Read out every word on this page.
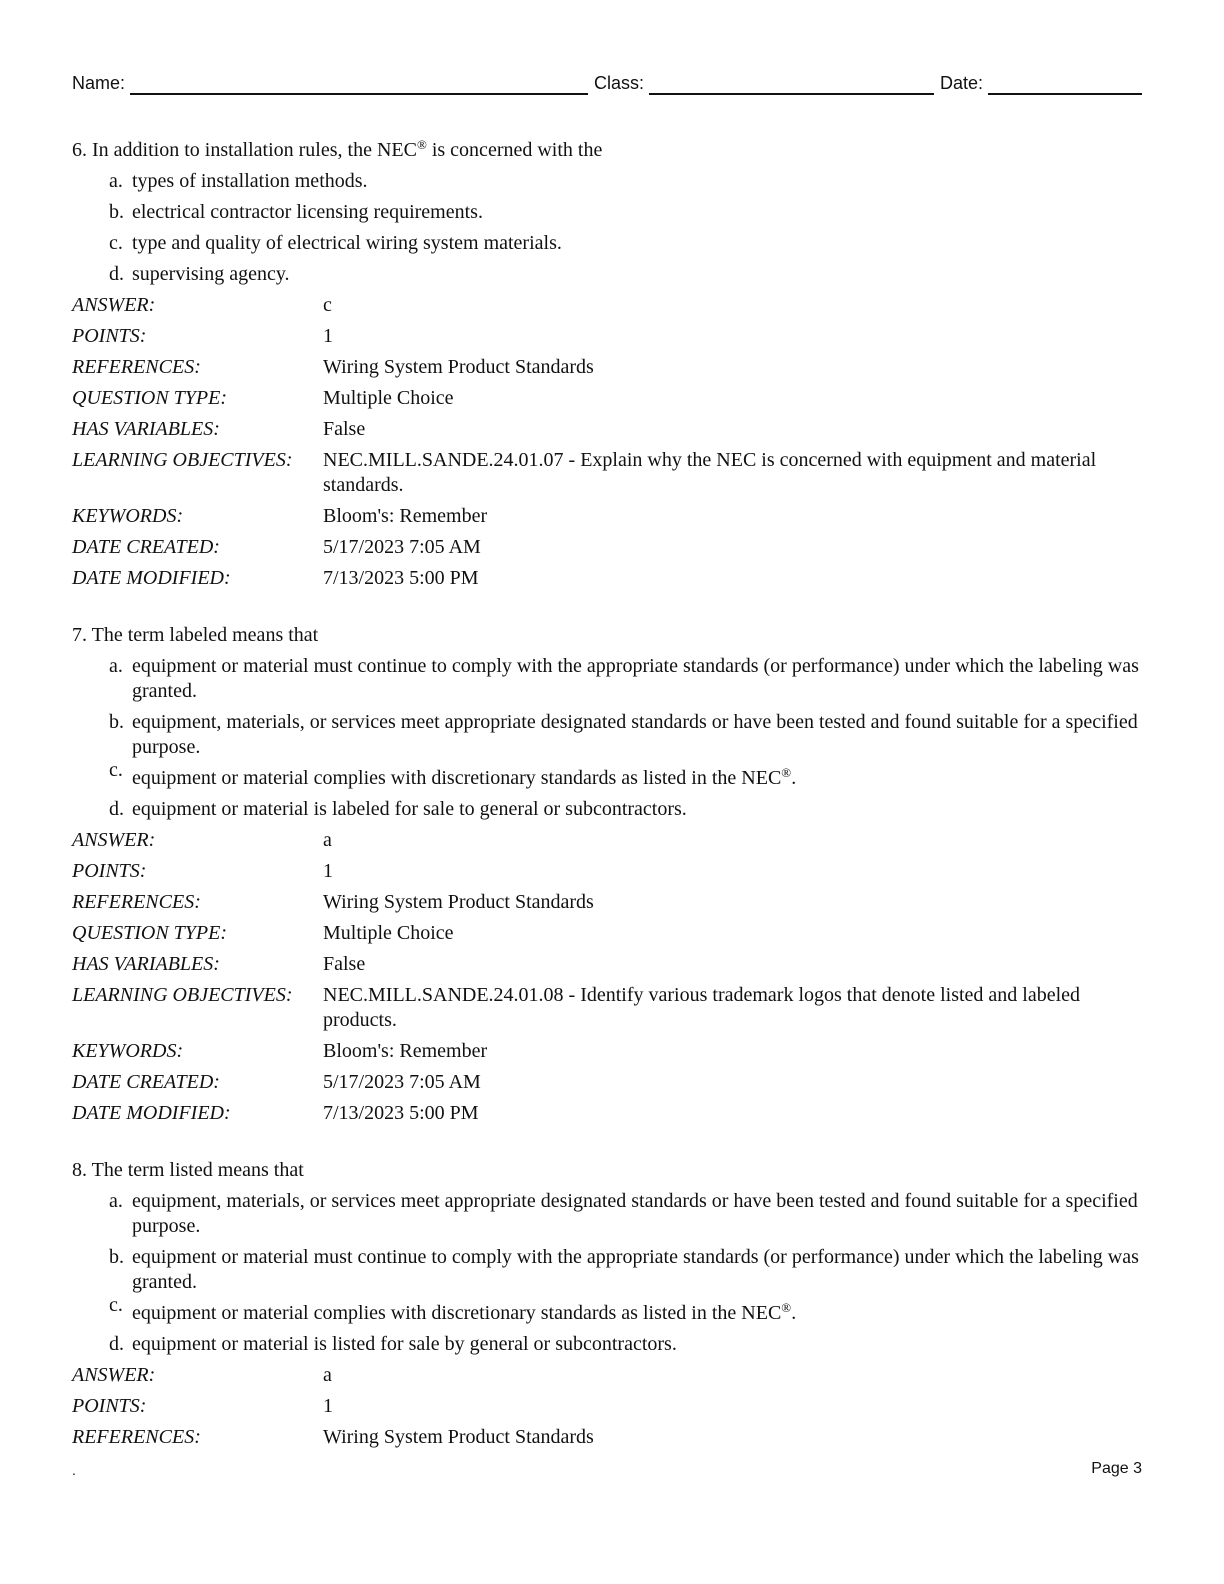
Name:	Class:	Date:

6. In addition to installation rules, the NEC® is concerned with the

a. types of installation methods.
b. electrical contractor licensing requirements.
c. type and quality of electrical wiring system materials.
d. supervising agency.
ANSWER:	c
POINTS:	1
REFERENCES:	Wiring System Product Standards
QUESTION TYPE:	Multiple Choice
HAS VARIABLES:	False
LEARNING OBJECTIVES:	NEC.MILL.SANDE.24.01.07 - Explain why the NEC is concerned with equipment and material standards.
KEYWORDS:	Bloom's: Remember
DATE CREATED:	5/17/2023 7:05 AM
DATE MODIFIED:	7/13/2023 5:00 PM

7. The term labeled means that

a. equipment or material must continue to comply with the appropriate standards (or performance) under which the labeling was granted.
b. equipment, materials, or services meet appropriate designated standards or have been tested and found suitable for a specified purpose.
c. equipment or material complies with discretionary standards as listed in the NEC®.
d. equipment or material is labeled for sale to general or subcontractors.
ANSWER:	a
POINTS:	1
REFERENCES:	Wiring System Product Standards
QUESTION TYPE:	Multiple Choice
HAS VARIABLES:	False
LEARNING OBJECTIVES:	NEC.MILL.SANDE.24.01.08 - Identify various trademark logos that denote listed and labeled products.
KEYWORDS:	Bloom's: Remember
DATE CREATED:	5/17/2023 7:05 AM
DATE MODIFIED:	7/13/2023 5:00 PM

8. The term listed means that

a. equipment, materials, or services meet appropriate designated standards or have been tested and found suitable for a specified purpose.
b. equipment or material must continue to comply with the appropriate standards (or performance) under which the labeling was granted.
c. equipment or material complies with discretionary standards as listed in the NEC®.
d. equipment or material is listed for sale by general or subcontractors.
ANSWER:	a
POINTS:	1
REFERENCES:	Wiring System Product Standards
.	Page 3
